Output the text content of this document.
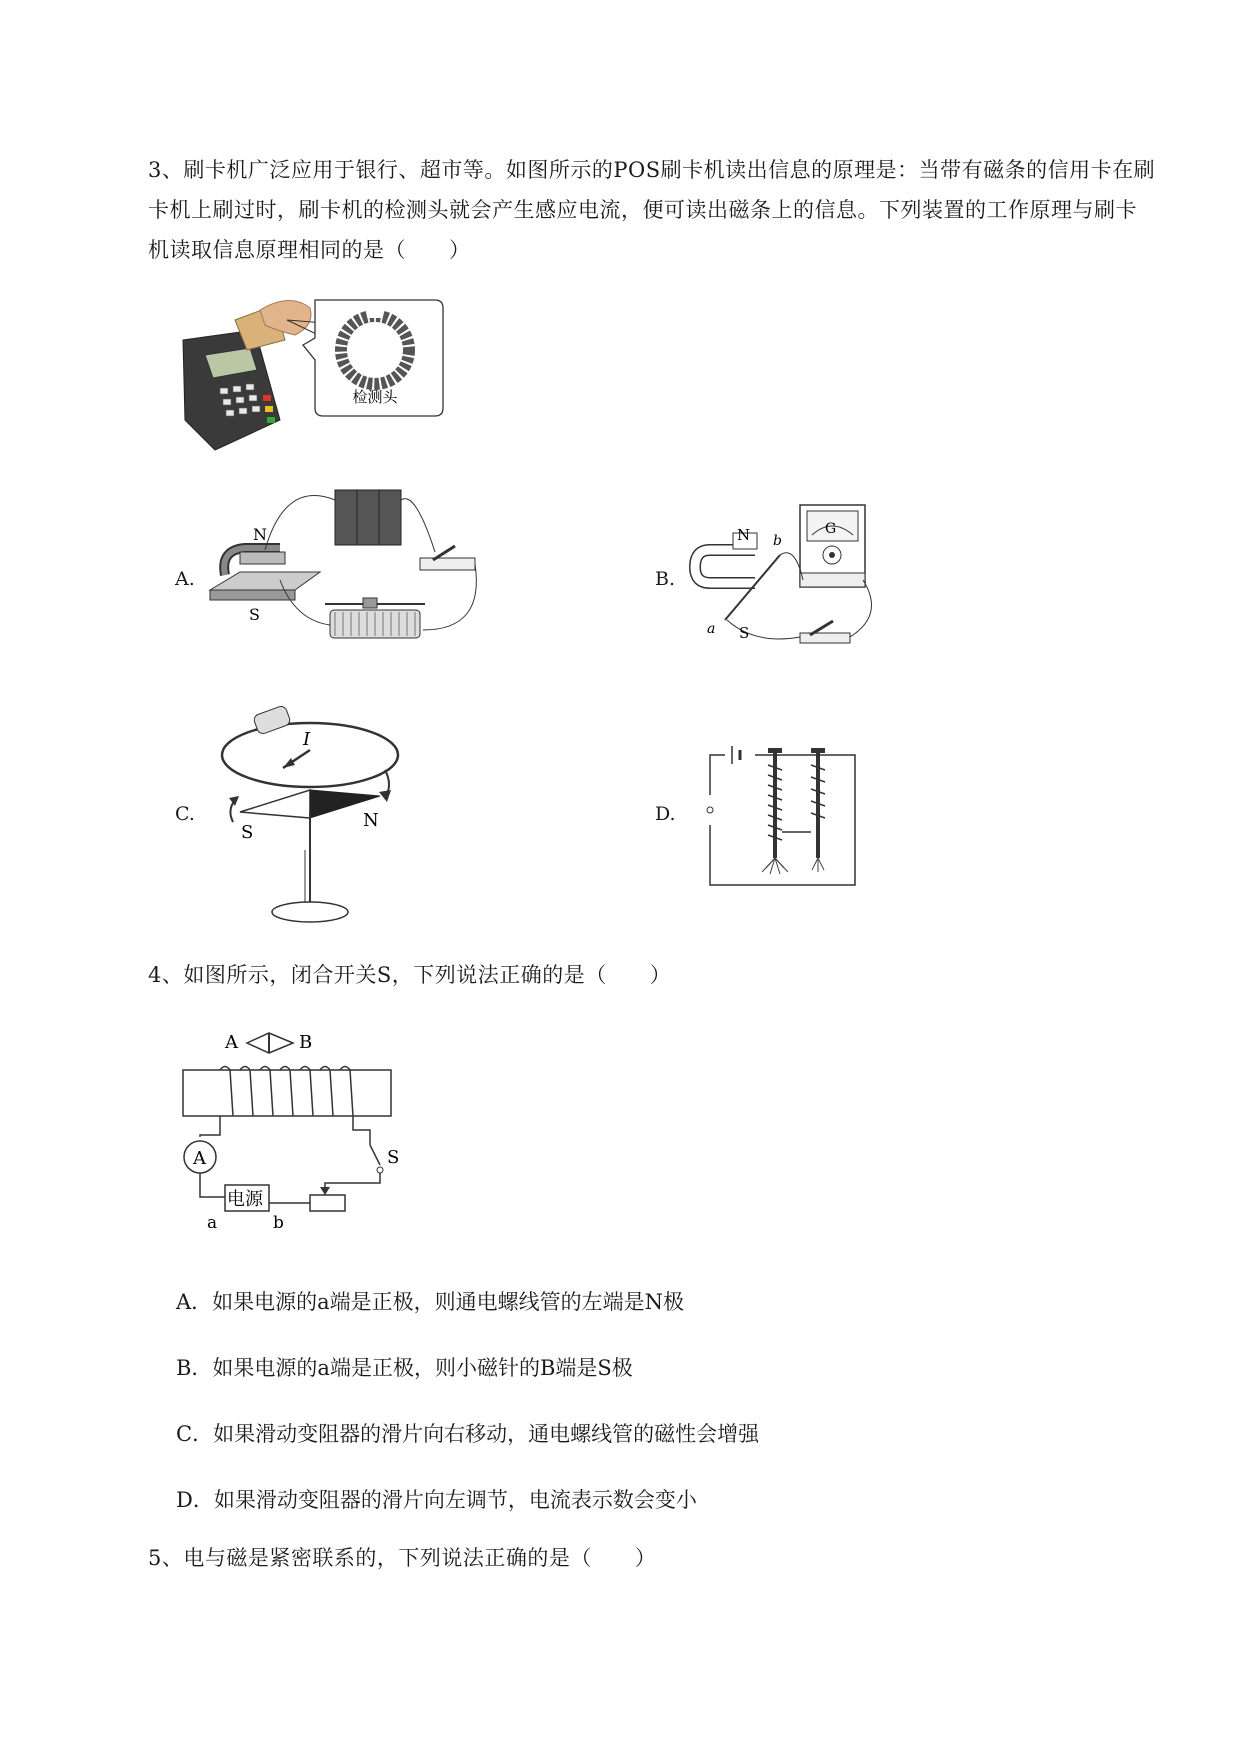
3、刷卡机广泛应用于银行、超市等。如图所示的POS刷卡机读出信息的原理是：当带有磁条的信用卡在刷卡机上刷过时，刷卡机的检测头就会产生感应电流，便可读出磁条上的信息。下列装置的工作原理与刷卡机读取信息原理相同的是（　　）
检测头
A.
N
S
B.
N
S
a
b
G
C.
I
S
N	D.
4、如图所示，闭合开关S，下列说法正确的是（　　）
A	B
A	S
电源
a	b
A．如果电源的a端是正极，则通电螺线管的左端是N极
B．如果电源的a端是正极，则小磁针的B端是S极
C．如果滑动变阻器的滑片向右移动，通电螺线管的磁性会增强
D．如果滑动变阻器的滑片向左调节，电流表示数会变小
5、电与磁是紧密联系的，下列说法正确的是（　　）
